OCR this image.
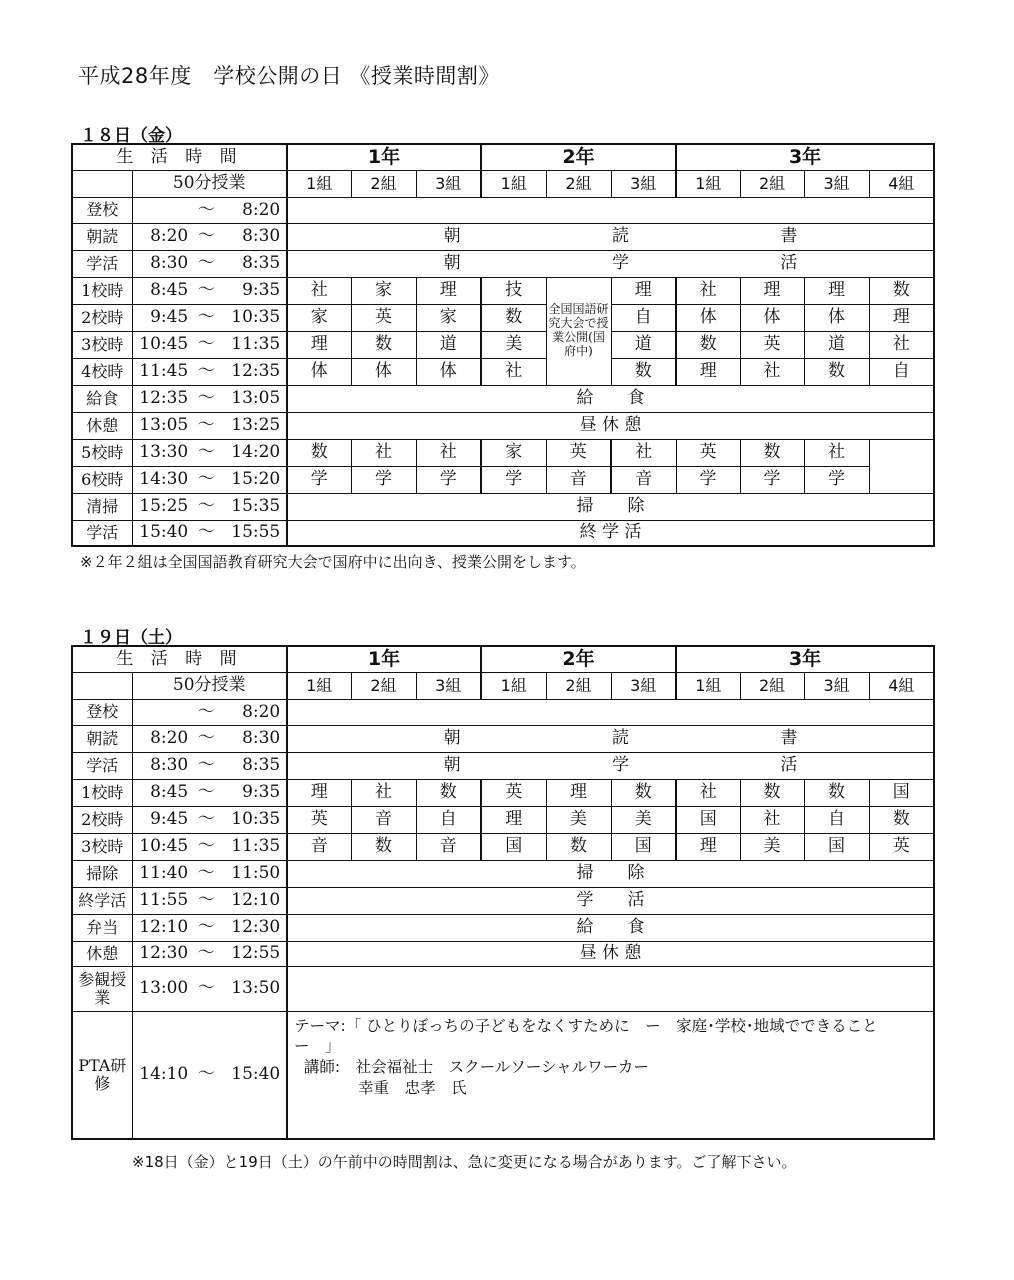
平成28年度　学校公開の日 《授業時間割》
１８日（金）
生 活 時 間		1年			2年			3年			
	50分授業	1組	2組	3組	1組	2組	3組	1組	2組	3組	4組
登校	～ 8:20										
朝読	8:20 ～ 8:30	朝 読 書									

学活	8:30 ～ 8:35	朝 学 活									

1校時	8:45 ～ 9:35	社	家	理	技	全国国語研究大会で授業公開(国府中)	理	社	理	理	数
2校時	9:45 ～ 10:35	家	英	家	数		自	体	体	体	理
3校時	10:45 ～ 11:35	理	数	道	美		道	数	英	道	社
4校時	11:45 ～ 12:35	体	体	体	社		数	理	社	数	自
給食	12:35 ～ 13:05	給　　食									
休憩	13:05 ～ 13:25	昼 休 憩									
5校時	13:30 ～ 14:20	数	社	社	家	英	社	英	数	社	
6校時	14:30 ～ 15:20	学	学	学	学	音	音	学	学	学	
清掃	15:25 ～ 15:35	掃　　除									
学活	15:40 ～ 15:55	終 学 活									
※２年２組は全国国語教育研究大会で国府中に出向き、授業公開をします。
１９日（土）
生 活 時 間		1年			2年			3年			
	50分授業	1組	2組	3組	1組	2組	3組	1組	2組	3組	4組
登校	～ 8:20										
朝読	8:20 ～ 8:30	朝 読 書									

学活	8:30 ～ 8:35	朝 学 活									

1校時	8:45 ～ 9:35	理	社	数	英	理	数	社	数	数	国
2校時	9:45 ～ 10:35	英	音	自	理	美	美	国	社	自	数
3校時	10:45 ～ 11:35	音	数	音	国	数	国	理	美	国	英
掃除	11:40 ～ 11:50	掃　　除									
終学活	11:55 ～ 12:10	学　　活									
弁当	12:10 ～ 12:30	給　　食									
休憩	12:30 ～ 12:55	昼 休 憩									
参観授業	13:00 ～ 13:50										
PTA研修	14:10 ～ 15:40	テーマ:「 ひとりぼっちの子どもをなくすために　ー　家庭･学校･地域でできること
ー　」
講師:　社会福祉士　スクールソーシャルワーカー
幸重　忠孝　氏									
※18日（金）と19日（土）の午前中の時間割は、急に変更になる場合があります。ご了解下さい。
